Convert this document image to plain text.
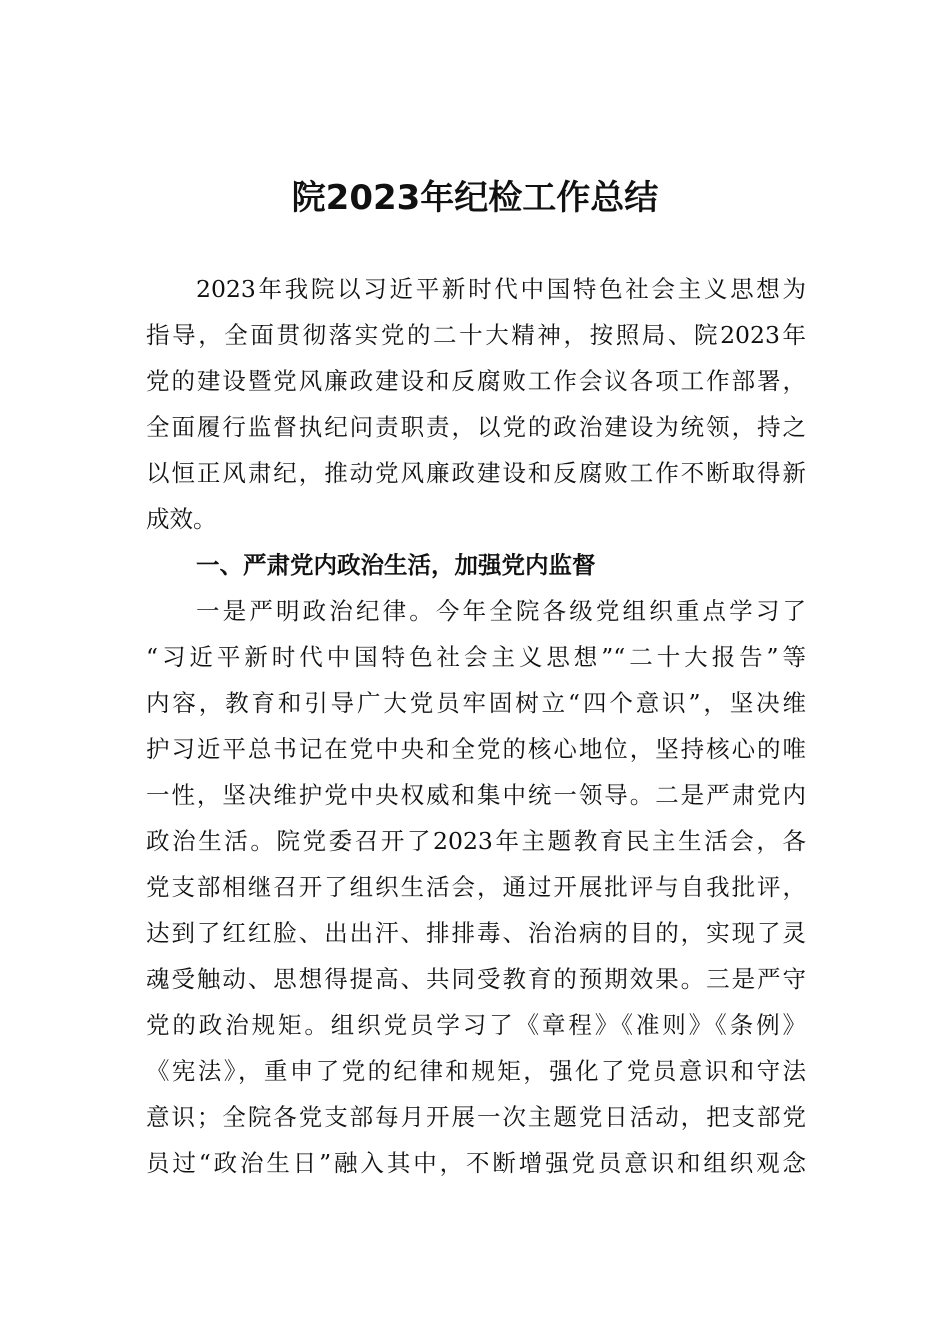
院2023年纪检工作总结
2023年我院以习近平新时代中国特色社会主义思想为
指导，全面贯彻落实党的二十大精神，按照局、院2023年
党的建设暨党风廉政建设和反腐败工作会议各项工作部署，
全面履行监督执纪问责职责，以党的政治建设为统领，持之
以恒正风肃纪，推动党风廉政建设和反腐败工作不断取得新
成效。
一、严肃党内政治生活，加强党内监督
一是严明政治纪律。今年全院各级党组织重点学习了
“习近平新时代中国特色社会主义思想”“二十大报告”等
内容，教育和引导广大党员牢固树立“四个意识”，坚决维
护习近平总书记在党中央和全党的核心地位，坚持核心的唯
一性，坚决维护党中央权威和集中统一领导。二是严肃党内
政治生活。院党委召开了2023年主题教育民主生活会，各
党支部相继召开了组织生活会，通过开展批评与自我批评，
达到了红红脸、出出汗、排排毒、治治病的目的，实现了灵
魂受触动、思想得提高、共同受教育的预期效果。三是严守
党的政治规矩。组织党员学习了《章程》《准则》《条例》
《宪法》，重申了党的纪律和规矩，强化了党员意识和守法
意识；全院各党支部每月开展一次主题党日活动，把支部党
员过“政治生日”融入其中，不断增强党员意识和组织观念
